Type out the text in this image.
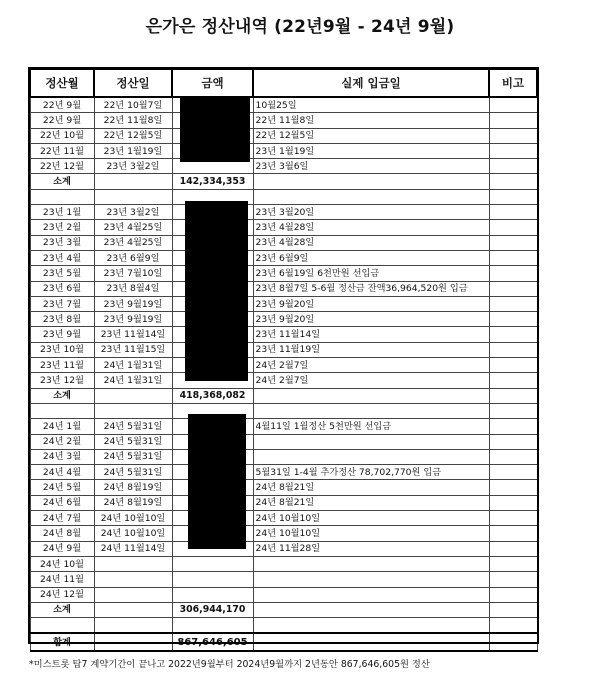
은가은 정산내역 (22년9월 - 24년 9월)
정산월	정산일	금액	실제 입금일	비고
22년 9월	22년 10월7일		10월25일	
22년 9월	22년 11월8일		22년 11월8일	
22년 10월	22년 12월5일		22년 12월5일	
22년 11월	23년 1월19일		23년 1월19일	
22년 12월	23년 3월2일		23년 3월6일	
소계		142,334,353		

23년 1월	23년 3월2일		23년 3월20일	
23년 2월	23년 4월25일		23년 4월28일	
23년 3월	23년 4월25일		23년 4월28일	
23년 4월	23년 6월9일		23년 6월9일	
23년 5월	23년 7월10일		23년 6월19일 6천만원 선입금	
23년 6월	23년 8월4일		23년 8월7일 5-6월 정산금 잔액36,964,520원 입금	
23년 7월	23년 9월19일		23년 9월20일	
23년 8월	23년 9월19일		23년 9월20일	
23년 9월	23년 11월14일		23년 11월14일	
23년 10월	23년 11월15일		23년 11월19일	
23년 11월	24년 1월31일		24년 2월7일	
23년 12월	24년 1월31일		24년 2월7일	
소계		418,368,082		

24년 1월	24년 5월31일		4월11일 1월정산 5천만원 선입금	
24년 2월	24년 5월31일			
24년 3월	24년 5월31일			
24년 4월	24년 5월31일		5월31일 1-4월 추가정산 78,702,770원 입금	
24년 5월	24년 8월19일		24년 8월21일	
24년 6월	24년 8월19일		24년 8월21일	
24년 7월	24년 10월10일		24년 10월10일	
24년 8월	24년 10월10일		24년 10월10일	
24년 9월	24년 11월14일		24년 11월28일	
24년 10월				
24년 11월				
24년 12월				
소계		306,944,170		

합계		867,646,605		
*미스트롯 탑7 계약기간이 끝나고 2022년9월부터 2024년9월까지 2년동안 867,646,605원 정산
